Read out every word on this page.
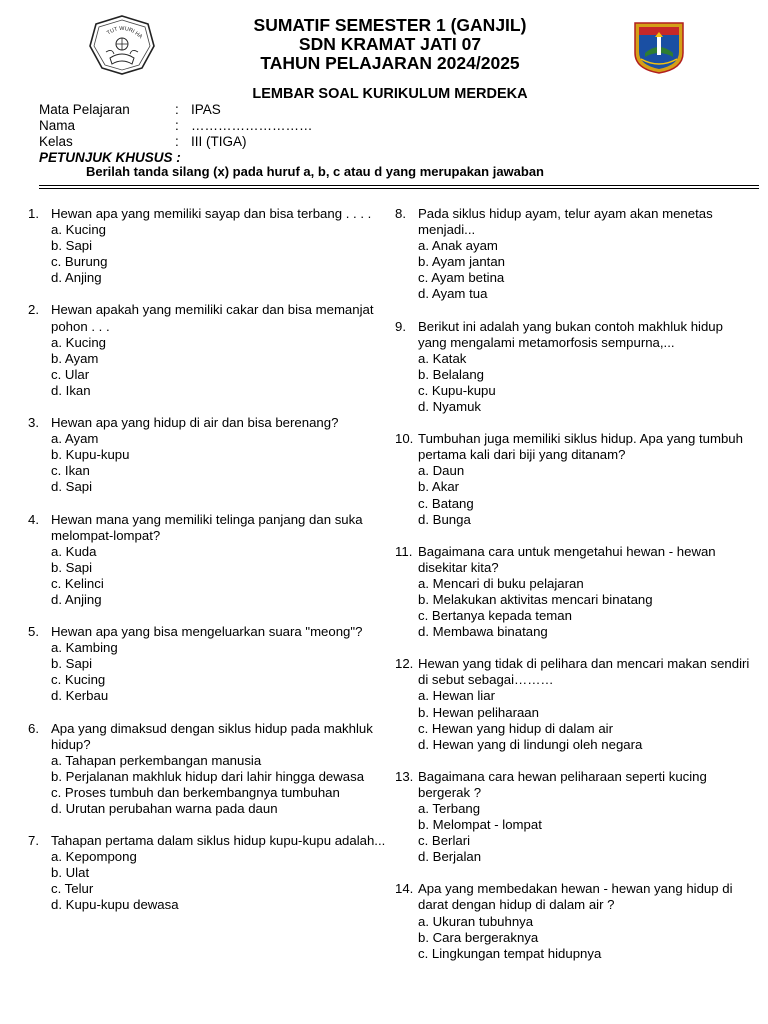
TUT WURI HA
SUMATIF SEMESTER 1 (GANJIL)
SDN KRAMAT JATI 07
TAHUN PELAJARAN 2024/2025
LEMBAR SOAL KURIKULUM MERDEKA
Mata Pelajaran	: IPAS
Nama	: ………………………
Kelas	: III (TIGA)
PETUNJUK KHUSUS :
Berilah tanda silang (x) pada huruf a, b, c atau d yang merupakan jawaban
1. Hewan apa yang memiliki sayap dan bisa terbang . . . .
a. Kucing
b. Sapi
c. Burung
d. Anjing
2. Hewan apakah yang memiliki cakar dan bisa memanjat pohon . . .
a. Kucing
b. Ayam
c. Ular
d. Ikan
3. Hewan apa yang hidup di air dan bisa berenang?
a. Ayam
b. Kupu-kupu
c. Ikan
d. Sapi
4. Hewan mana yang memiliki telinga panjang dan suka melompat-lompat?
a. Kuda
b. Sapi
c. Kelinci
d. Anjing
5. Hewan apa yang bisa mengeluarkan suara "meong"?
a. Kambing
b. Sapi
c. Kucing
d. Kerbau
6. Apa yang dimaksud dengan siklus hidup pada makhluk hidup?
a. Tahapan perkembangan manusia
b. Perjalanan makhluk hidup dari lahir hingga dewasa
c. Proses tumbuh dan berkembangnya tumbuhan
d. Urutan perubahan warna pada daun
7. Tahapan pertama dalam siklus hidup kupu-kupu adalah...
a. Kepompong
b. Ulat
c. Telur
d. Kupu-kupu dewasa
8. Pada siklus hidup ayam, telur ayam akan menetas menjadi...
a. Anak ayam
b. Ayam jantan
c. Ayam betina
d. Ayam tua
9. Berikut ini adalah yang bukan contoh makhluk hidup yang mengalami metamorfosis sempurna,...
a. Katak
b. Belalang
c. Kupu-kupu
d. Nyamuk
10. Tumbuhan juga memiliki siklus hidup. Apa yang tumbuh pertama kali dari biji yang ditanam?
a. Daun
b. Akar
c. Batang
d. Bunga
11. Bagaimana cara untuk mengetahui hewan - hewan disekitar kita?
a. Mencari di buku pelajaran
b. Melakukan aktivitas mencari binatang
c. Bertanya kepada teman
d. Membawa binatang
12. Hewan yang tidak di pelihara dan mencari makan sendiri di sebut sebagai………
a. Hewan liar
b. Hewan peliharaan
c. Hewan yang hidup di dalam air
d. Hewan yang di lindungi oleh negara
13. Bagaimana cara hewan peliharaan seperti kucing bergerak ?
a. Terbang
b. Melompat - lompat
c. Berlari
d. Berjalan
14. Apa yang membedakan hewan - hewan yang hidup di darat dengan hidup di dalam air ?
a. Ukuran tubuhnya
b. Cara bergeraknya
c. Lingkungan tempat hidupnya
